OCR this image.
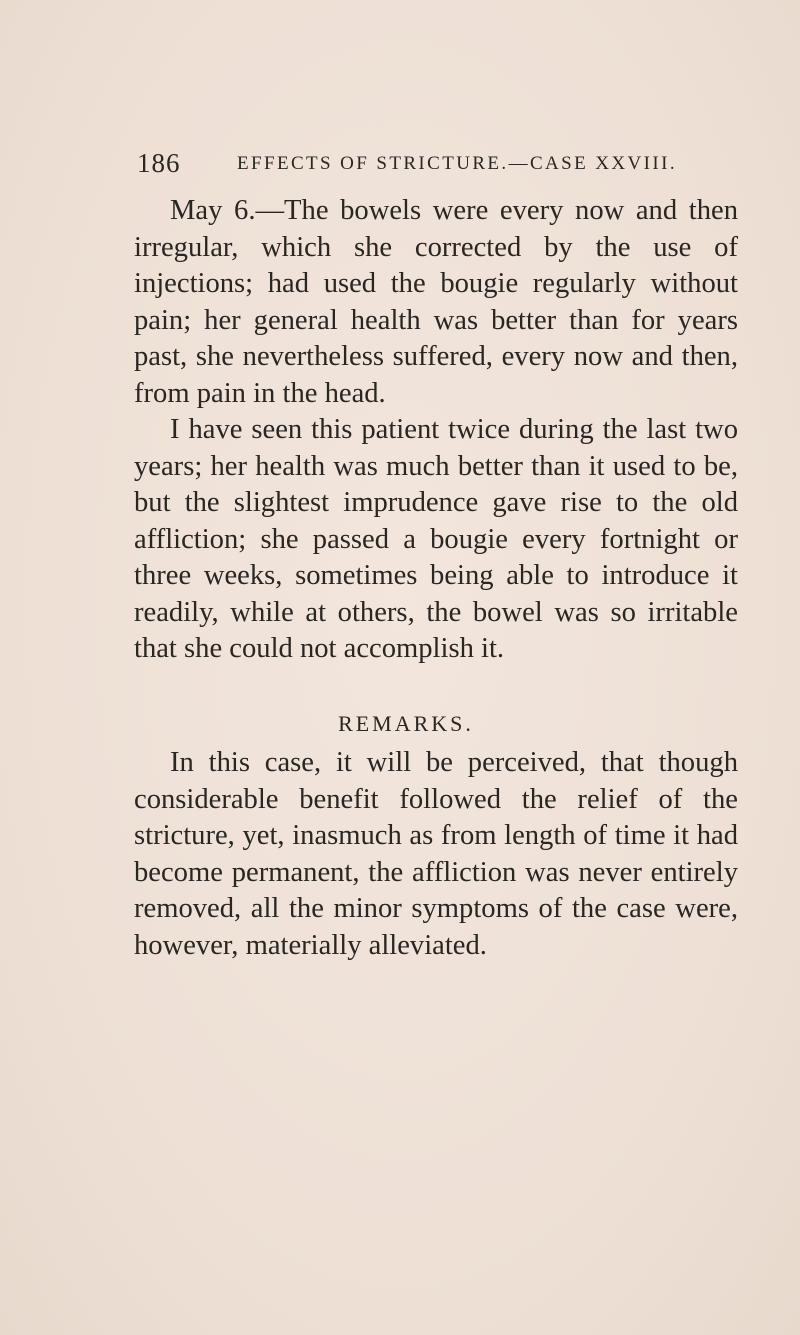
186	EFFECTS OF STRICTURE.—CASE XXVIII.

May 6.—The bowels were every now and then irregular, which she corrected by the use of injections; had used the bougie regularly without pain; her general health was better than for years past, she nevertheless suffered, every now and then, from pain in the head.

I have seen this patient twice during the last two years; her health was much better than it used to be, but the slightest imprudence gave rise to the old affliction; she passed a bougie every fortnight or three weeks, sometimes being able to introduce it readily, while at others, the bowel was so irritable that she could not accomplish it.

REMARKS.

In this case, it will be perceived, that though considerable benefit followed the relief of the stricture, yet, inasmuch as from length of time it had become permanent, the affliction was never entirely removed, all the minor symptoms of the case were, however, materially alleviated.
